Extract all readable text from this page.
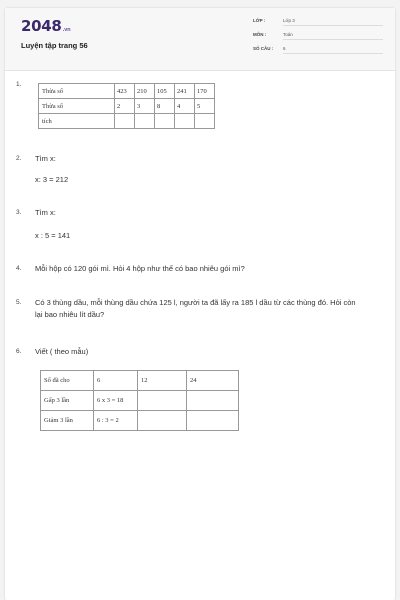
2048.vn
Luyện tập trang 56
LỚP :	Lớp 3
MÔN :	Toán
SỐ CÂU : 6
1.
Thừa số	423	210	105	241	170
Thừa số	2	3	8	4	5
tích					
2. Tìm x:
x: 3 = 212
3. Tìm x:
x : 5 = 141
4. Mỗi hộp có 120 gói mì. Hỏi 4 hộp như thế có bao nhiêu gói mì?
5. Có 3 thùng dầu, mỗi thùng dầu chứa 125 l, người ta đã lấy ra 185 l dầu từ các thùng đó. Hỏi còn lại bao nhiêu lít dầu?
6. Viết ( theo mẫu)
Số đã cho	6	12	24
Gấp 3 lần	6 x 3 = 18		
Giảm 3 lần	6 : 3 = 2		
